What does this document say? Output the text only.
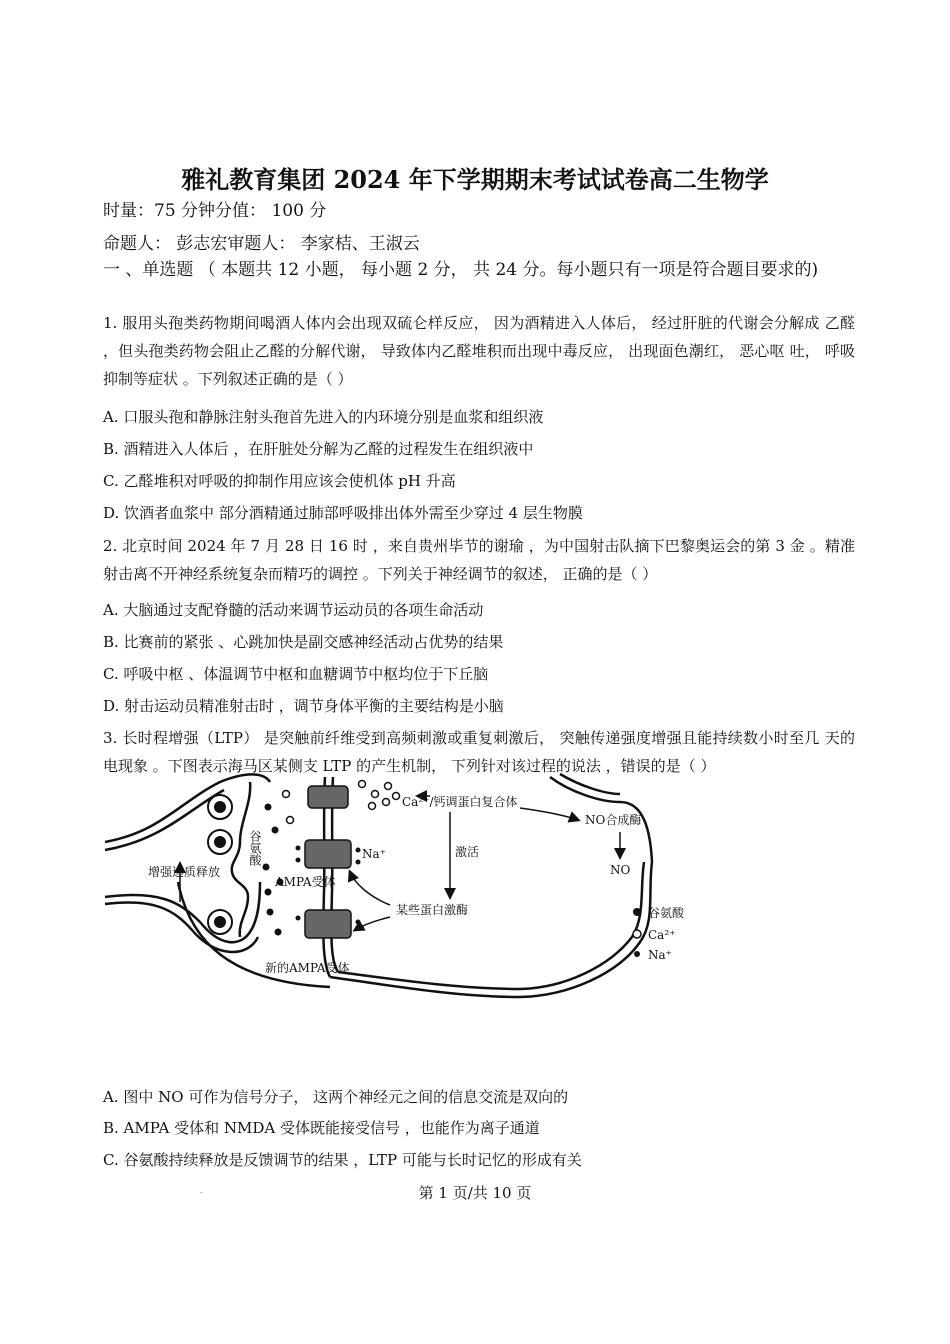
雅礼教育集团 2024 年下学期期末考试试卷高二生物学
时量：75 分钟分值： 100 分
命题人： 彭志宏审题人： 李家桔、王淑云
一 、单选题 （ 本题共 12 小题， 每小题 2 分， 共 24 分。每小题只有一项是符合题目要求的)
1. 服用头孢类药物期间喝酒人体内会出现双硫仑样反应， 因为酒精进入人体后， 经过肝脏的代谢会分解成 乙醛 ，但头孢类药物会阻止乙醛的分解代谢， 导致体内乙醛堆积而出现中毒反应， 出现面色潮红， 恶心呕 吐， 呼吸抑制等症状 。下列叙述正确的是（ ）
A. 口服头孢和静脉注射头孢首先进入的内环境分别是血浆和组织液
B. 酒精进入人体后 ，在肝脏处分解为乙醛的过程发生在组织液中
C. 乙醛堆积对呼吸的抑制作用应该会使机体 pH 升高
D. 饮酒者血浆中 部分酒精通过肺部呼吸排出体外需至少穿过 4 层生物膜
2. 北京时间 2024 年 7 月 28 日 16 时 ，来自贵州毕节的谢瑜 ，为中国射击队摘下巴黎奥运会的第 3 金 。精准 射击离不开神经系统复杂而精巧的调控 。下列关于神经调节的叙述， 正确的是（ ）
A. 大脑通过支配脊髓的活动来调节运动员的各项生命活动
B. 比赛前的紧张 、心跳加快是副交感神经活动占优势的结果
C. 呼吸中枢 、体温调节中枢和血糖调节中枢均位于下丘脑
D. 射击运动员精准射击时 ，调节身体平衡的主要结构是小脑
3. 长时程增强（LTP） 是突触前纤维受到高频刺激或重复刺激后， 突触传递强度增强且能持续数小时至几 天的电现象 。下图表示海马区某侧支 LTP 的产生机制， 下列针对该过程的说法 ，错误的是（ ）
谷氨酸
Ca²⁺/钙调蛋白复合体
NO合成酶
激活
NO
Na⁺
AMPA受体
某些蛋白激酶
新的AMPA受体
增强递质释放
谷氨酸
Ca²⁺
Na⁺
A. 图中 NO 可作为信号分子， 这两个神经元之间的信息交流是双向的
B. AMPA 受体和 NMDA 受体既能接受信号 ，也能作为离子通道
C. 谷氨酸持续释放是反馈调节的结果 ，LTP 可能与长时记忆的形成有关
-	第 1 页/共 10 页
